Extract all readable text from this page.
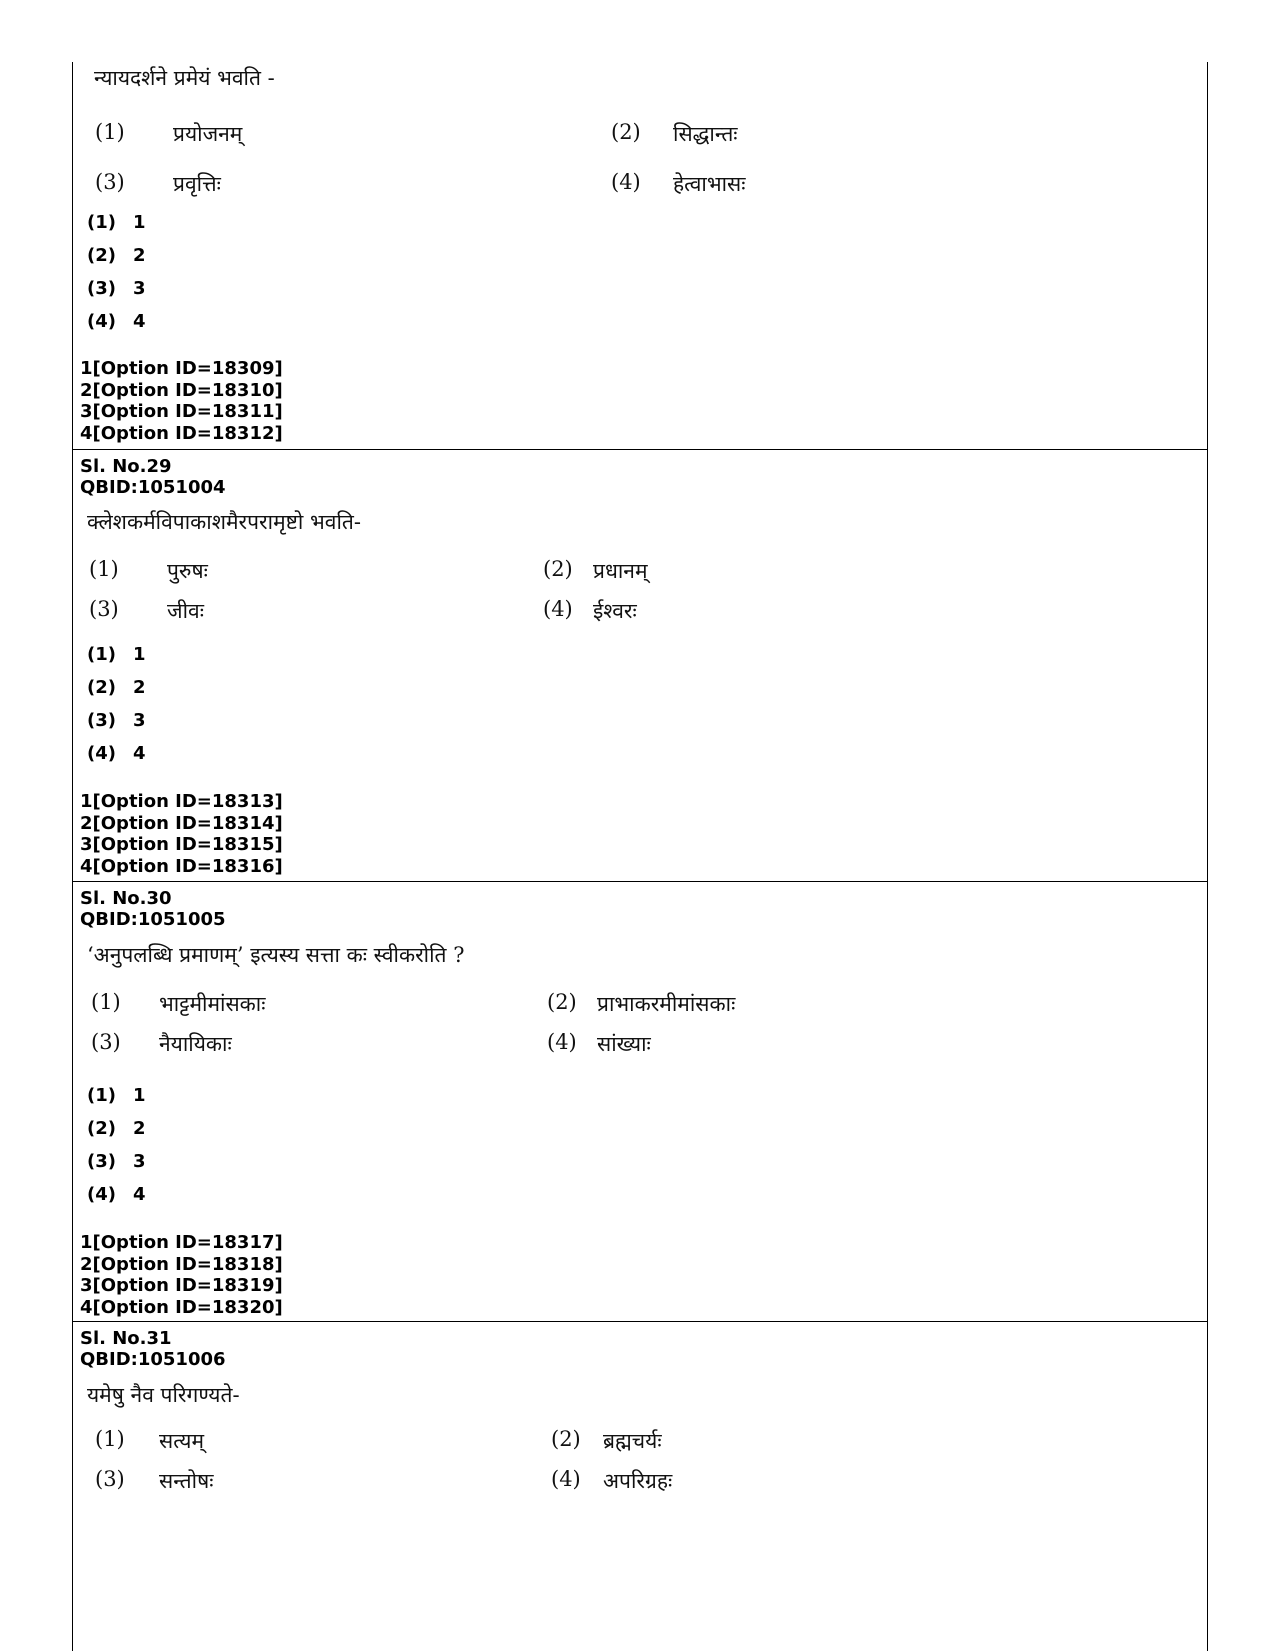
न्यायदर्शने प्रमेयं भवति -
(1) प्रयोजनम्	(2) सिद्धान्तः
(3) प्रवृत्तिः	(4) हेत्वाभासः
(1) 1
(2) 2
(3) 3
(4) 4
1[Option ID=18309]
2[Option ID=18310]
3[Option ID=18311]
4[Option ID=18312]
Sl. No.29
QBID:1051004
क्लेशकर्मविपाकाशमैरपरामृष्टो भवति-
(1) पुरुषः	(2) प्रधानम्
(3) जीवः	(4) ईश्वरः
(1) 1
(2) 2
(3) 3
(4) 4
1[Option ID=18313]
2[Option ID=18314]
3[Option ID=18315]
4[Option ID=18316]
Sl. No.30
QBID:1051005
‘अनुपलब्धि प्रमाणम्’ इत्यस्य सत्ता कः स्वीकरोति ?
(1) भाट्टमीमांसकाः	(2) प्राभाकरमीमांसकाः
(3) नैयायिकाः	(4) सांख्याः
(1) 1
(2) 2
(3) 3
(4) 4
1[Option ID=18317]
2[Option ID=18318]
3[Option ID=18319]
4[Option ID=18320]
Sl. No.31
QBID:1051006
यमेषु नैव परिगण्यते-
(1) सत्यम्	(2) ब्रह्मचर्यः
(3) सन्तोषः	(4) अपरिग्रहः
